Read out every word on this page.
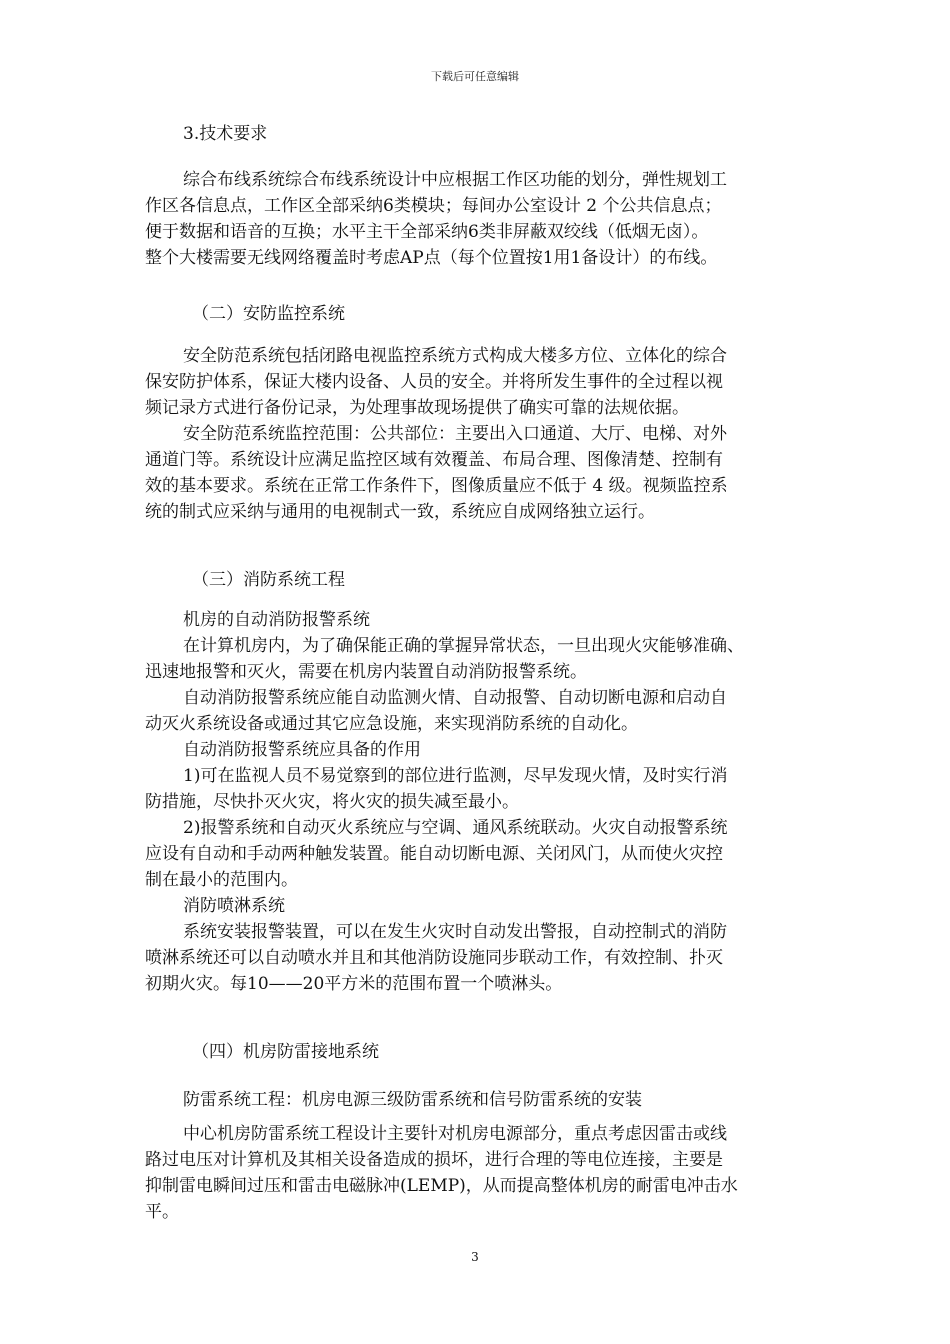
下载后可任意编辑
3.技术要求
综合布线系统综合布线系统设计中应根据工作区功能的划分，弹性规划工
作区各信息点，工作区全部采纳6类模块；每间办公室设计 2 个公共信息点；
便于数据和语音的互换；水平主干全部采纳6类非屏蔽双绞线（低烟无卤）。
整个大楼需要无线网络覆盖时考虑AP点（每个位置按1用1备设计）的布线。
（二）安防监控系统
安全防范系统包括闭路电视监控系统方式构成大楼多方位、立体化的综合
保安防护体系，保证大楼内设备、人员的安全。并将所发生事件的全过程以视
频记录方式进行备份记录，为处理事故现场提供了确实可靠的法规依据。
安全防范系统监控范围：公共部位：主要出入口通道、大厅、电梯、对外
通道门等。系统设计应满足监控区域有效覆盖、布局合理、图像清楚、控制有
效的基本要求。系统在正常工作条件下，图像质量应不低于 4 级。视频监控系
统的制式应采纳与通用的电视制式一致，系统应自成网络独立运行。
（三）消防系统工程
机房的自动消防报警系统
在计算机房内，为了确保能正确的掌握异常状态，一旦出现火灾能够准确、
迅速地报警和灭火，需要在机房内装置自动消防报警系统。
自动消防报警系统应能自动监测火情、自动报警、自动切断电源和启动自
动灭火系统设备或通过其它应急设施，来实现消防系统的自动化。
自动消防报警系统应具备的作用
1)可在监视人员不易觉察到的部位进行监测，尽早发现火情，及时实行消
防措施，尽快扑灭火灾，将火灾的损失减至最小。
2)报警系统和自动灭火系统应与空调、通风系统联动。火灾自动报警系统
应设有自动和手动两种触发装置。能自动切断电源、关闭风门，从而使火灾控
制在最小的范围内。
消防喷淋系统
系统安装报警装置，可以在发生火灾时自动发出警报，自动控制式的消防
喷淋系统还可以自动喷水并且和其他消防设施同步联动工作，有效控制、扑灭
初期火灾。每10——20平方米的范围布置一个喷淋头。
（四）机房防雷接地系统
防雷系统工程：机房电源三级防雷系统和信号防雷系统的安装
中心机房防雷系统工程设计主要针对机房电源部分，重点考虑因雷击或线
路过电压对计算机及其相关设备造成的损坏，进行合理的等电位连接，主要是
抑制雷电瞬间过压和雷击电磁脉冲(LEMP)，从而提高整体机房的耐雷电冲击水
平。
3
